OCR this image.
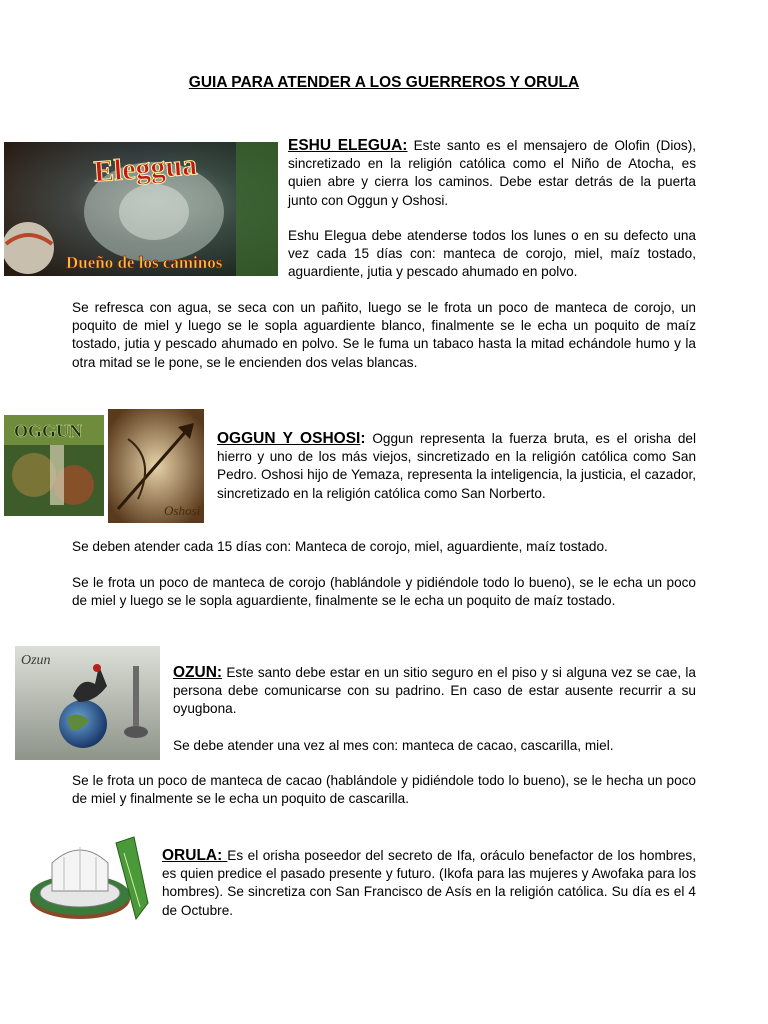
GUIA PARA ATENDER A LOS GUERREROS Y ORULA
Eleggua
Dueño de los caminos
ESHU ELEGUA: Este santo es el mensajero de Olofin (Dios), sincretizado en la religión católica como el Niño de Atocha, es quien abre y cierra los caminos. Debe estar detrás de la puerta junto con Oggun y Oshosi.
Eshu Elegua debe atenderse todos los lunes o en su defecto una vez cada 15 días con: manteca de corojo, miel, maíz tostado, aguardiente, jutia y pescado ahumado en polvo.
Se refresca con agua, se seca con un pañito, luego se le frota un poco de manteca de corojo, un poquito de miel y luego se le sopla aguardiente blanco, finalmente se le echa un poquito de maíz tostado, jutia y pescado ahumado en polvo. Se le fuma un tabaco hasta la mitad echándole humo y la otra mitad se le pone, se le encienden dos velas blancas.
OGGUN
Oshosi
OGGUN Y OSHOSI: Oggun representa la fuerza bruta, es el orisha del hierro y uno de los más viejos, sincretizado en la religión católica como San Pedro. Oshosi hijo de Yemaza, representa la inteligencia, la justicia, el cazador, sincretizado en la religión católica como San Norberto.
Se deben atender cada 15 días con: Manteca de corojo, miel, aguardiente, maíz tostado.
Se le frota un poco de manteca de corojo (hablándole y pidiéndole todo lo bueno), se le echa un poco de miel y luego se le sopla aguardiente, finalmente se le echa un poquito de maíz tostado.
Ozun
OZUN: Este santo debe estar en un sitio seguro en el piso y si alguna vez se cae, la persona debe comunicarse con su padrino. En caso de estar ausente recurrir a su oyugbona.
Se debe atender una vez al mes con: manteca de cacao, cascarilla, miel.
Se le frota un poco de manteca de cacao (hablándole y pidiéndole todo lo bueno), se le hecha un poco de miel y finalmente se le echa un poquito de cascarilla.
ORULA: Es el orisha poseedor del secreto de Ifa, oráculo benefactor de los hombres, es quien predice el pasado presente y futuro. (Ikofa para las mujeres y Awofaka para los hombres). Se sincretiza con San Francisco de Asís en la religión católica. Su día es el 4 de Octubre.
